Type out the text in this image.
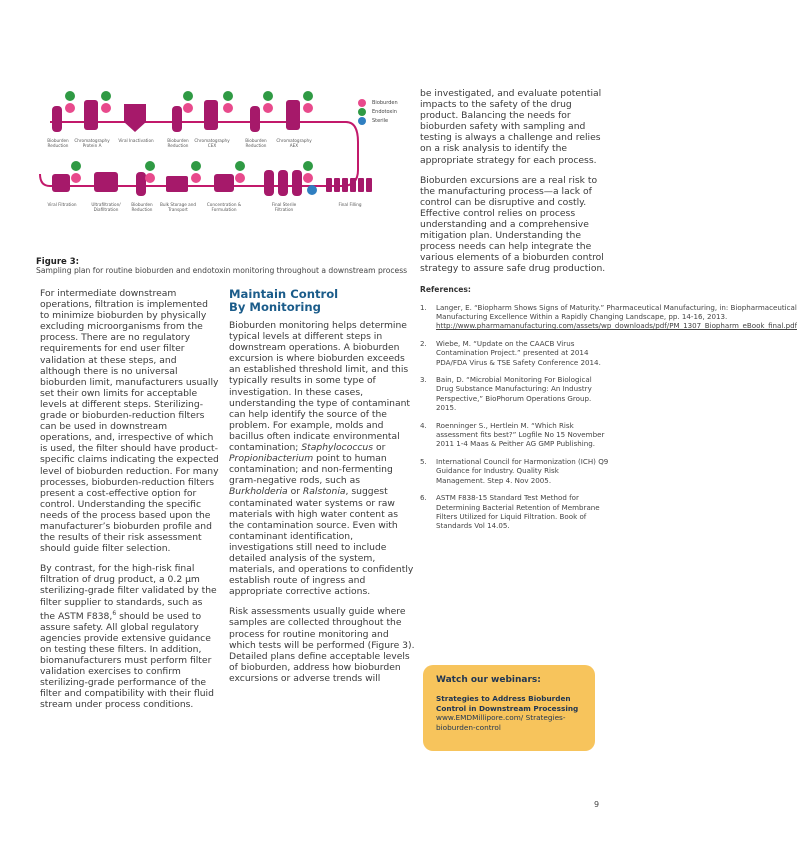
Bioburden Reduction
Chromatography Protein A
Viral Inactivation	Bioburden Reduction
Chromatography CEX
Bioburden Reduction
Chromatography AEX
Viral Filtration	Ultrafiltration/ Diafiltration
Bioburden Reduction
Bulk Storage and Transport
Concentration & Formulation
Final Sterile Filtration
Final Filling
Bioburden
Endotoxin
Sterile
Figure 3:
Sampling plan for routine bioburden and endotoxin monitoring throughout a downstream process

For intermediate downstream operations, filtration is implemented to minimize bioburden by physically excluding microorganisms from the process. There are no regulatory requirements for end user filter validation at these steps, and although there is no universal bioburden limit, manufacturers usually set their own limits for acceptable levels at different steps. Sterilizing-grade or bioburden-reduction filters can be used in downstream operations, and, irrespective of which is used, the filter should have product-specific claims indicating the expected level of bioburden reduction. For many processes, bioburden-reduction filters present a cost-effective option for control. Understanding the specific needs of the process based upon the manufacturer’s bioburden profile and the results of their risk assessment should guide filter selection.

By contrast, for the high-risk final filtration of drug product, a 0.2 µm sterilizing-grade filter validated by the filter supplier to standards, such as the ASTM F838,$^6$ should be used to assure safety. All global regulatory agencies provide extensive guidance on testing these filters. In addition, biomanufacturers must perform filter validation exercises to confirm sterilizing-grade performance of the filter and compatibility with their fluid stream under process conditions.

Maintain Control
By Monitoring

Bioburden monitoring helps determine typical levels at different steps in downstream operations. A bioburden excursion is where bioburden exceeds an established threshold limit, and this typically results in some type of investigation. In these cases, understanding the type of contaminant can help identify the source of the problem. For example, molds and bacillus often indicate environmental contamination; Staphylococcus or Propionibacterium point to human contamination; and non-fermenting gram-negative rods, such as Burkholderia or Ralstonia, suggest contaminated water systems or raw materials with high water content as the contamination source. Even with contaminant identification, investigations still need to include detailed analysis of the system, materials, and operations to confidently establish route of ingress and appropriate corrective actions.

Risk assessments usually guide where samples are collected throughout the process for routine monitoring and which tests will be performed (Figure 3). Detailed plans define acceptable levels of bioburden, address how bioburden excursions or adverse trends will

be investigated, and evaluate potential impacts to the safety of the drug product. Balancing the needs for bioburden safety with sampling and testing is always a challenge and relies on a risk analysis to identify the appropriate strategy for each process.

Bioburden excursions are a real risk to the manufacturing process—a lack of control can be disruptive and costly. Effective control relies on process understanding and a comprehensive mitigation plan. Understanding the process needs can help integrate the various elements of a bioburden control strategy to assure safe drug production.

References:
1.	Langer, E. “Biopharm Shows Signs of Maturity.” Pharmaceutical Manufacturing, in: Biopharmaceutical Manufacturing Excellence Within a Rapidly Changing Landscape, pp. 14-16, 2013. http://www.pharmamanufacturing.com/assets/wp_downloads/pdf/PM_1307_Biopharm_eBook_final.pdf
2.	Wiebe, M. “Update on the CAACB Virus Contamination Project.” presented at 2014 PDA/FDA Virus & TSE Safety Conference 2014.
3.	Bain, D. “Microbial Monitoring For Biological Drug Substance Manufacturing: An Industry Perspective,” BioPhorum Operations Group. 2015.
4.	Roenninger S., Hertlein M. “Which Risk assessment fits best?” Logfile No 15 November 2011 1-4 Maas & Peither AG GMP Publishing.
5.	International Council for Harmonization (ICH) Q9 Guidance for Industry. Quality Risk Management. Step 4. Nov 2005.
6.	ASTM F838-15 Standard Test Method for Determining Bacterial Retention of Membrane Filters Utilized for Liquid Filtration. Book of Standards Vol 14.05.
Watch our webinars:
Strategies to Address Bioburden Control in Downstream Processing
www.EMDMillipore.com/ Strategies-bioburden-control
9
